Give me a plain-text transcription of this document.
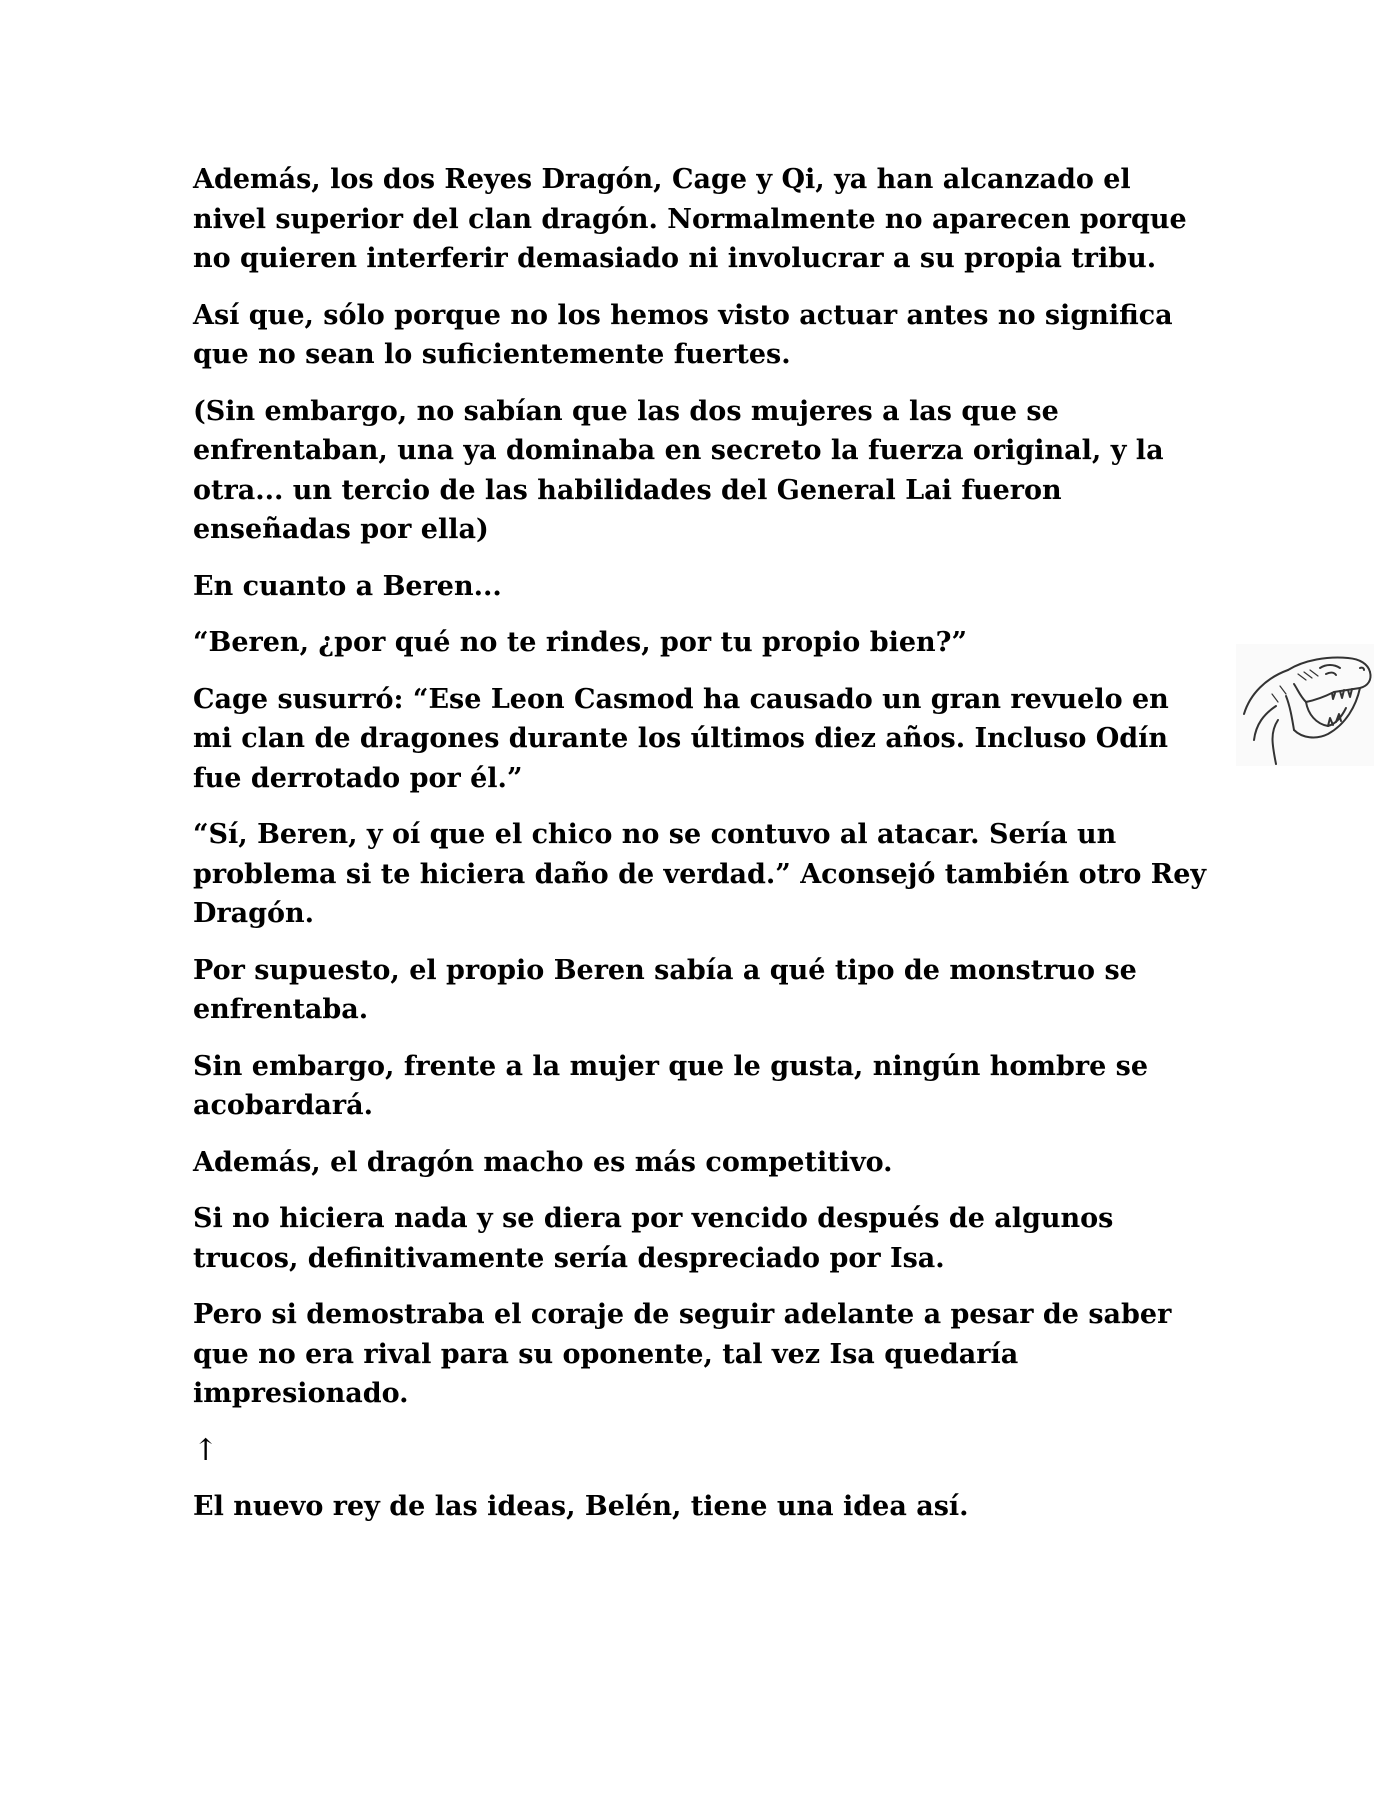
Además, los dos Reyes Dragón, Cage y Qi, ya han alcanzado el nivel superior del clan dragón. Normalmente no aparecen porque no quieren interferir demasiado ni involucrar a su propia tribu.

Así que, sólo porque no los hemos visto actuar antes no significa que no sean lo suficientemente fuertes.

(Sin embargo, no sabían que las dos mujeres a las que se enfrentaban, una ya dominaba en secreto la fuerza original, y la otra... un tercio de las habilidades del General Lai fueron enseñadas por ella)

En cuanto a Beren...

“Beren, ¿por qué no te rindes, por tu propio bien?”

Cage susurró: “Ese Leon Casmod ha causado un gran revuelo en mi clan de dragones durante los últimos diez años. Incluso Odín fue derrotado por él.”

“Sí, Beren, y oí que el chico no se contuvo al atacar. Sería un problema si te hiciera daño de verdad.” Aconsejó también otro Rey Dragón.

Por supuesto, el propio Beren sabía a qué tipo de monstruo se enfrentaba.

Sin embargo, frente a la mujer que le gusta, ningún hombre se acobardará.

Además, el dragón macho es más competitivo.

Si no hiciera nada y se diera por vencido después de algunos trucos, definitivamente sería despreciado por Isa.

Pero si demostraba el coraje de seguir adelante a pesar de saber que no era rival para su oponente, tal vez Isa quedaría impresionado.

↑

El nuevo rey de las ideas, Belén, tiene una idea así.
